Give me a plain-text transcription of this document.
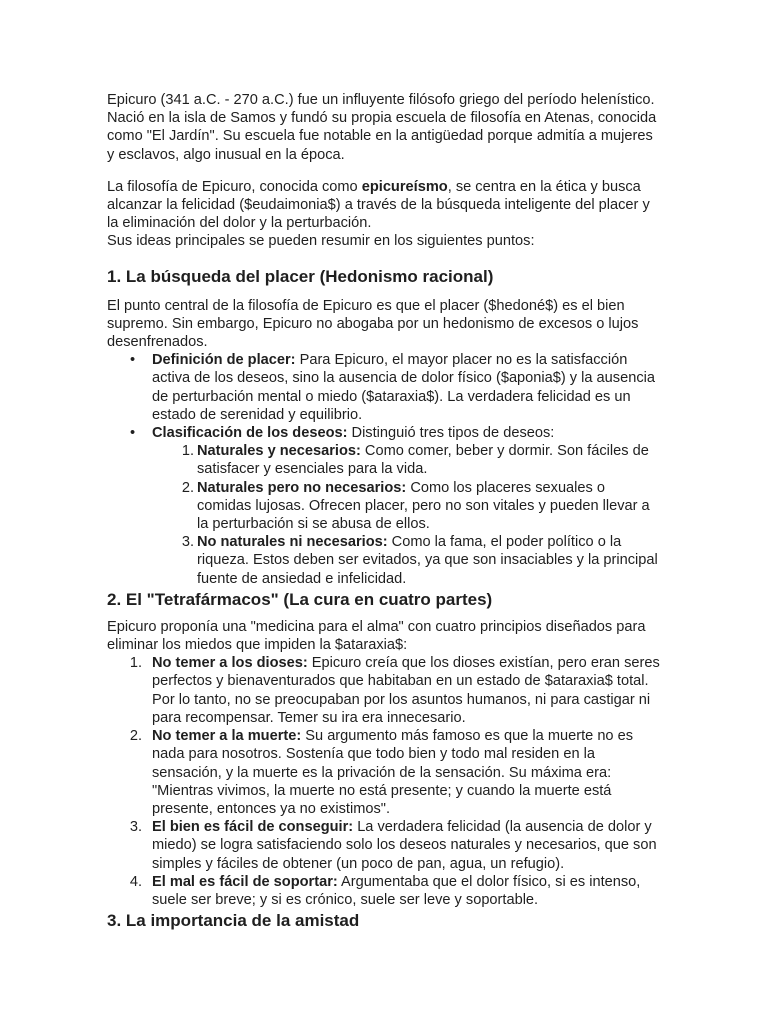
Epicuro (341 a.C. - 270 a.C.) fue un influyente filósofo griego del período helenístico. Nació en la isla de Samos y fundó su propia escuela de filosofía en Atenas, conocida como "El Jardín". Su escuela fue notable en la antigüedad porque admitía a mujeres y esclavos, algo inusual en la época.

La filosofía de Epicuro, conocida como epicureísmo, se centra en la ética y busca alcanzar la felicidad ($eudaimonia$) a través de la búsqueda inteligente del placer y la eliminación del dolor y la perturbación.

Sus ideas principales se pueden resumir en los siguientes puntos:

1. La búsqueda del placer (Hedonismo racional)

El punto central de la filosofía de Epicuro es que el placer ($hedoné$) es el bien supremo. Sin embargo, Epicuro no abogaba por un hedonismo de excesos o lujos desenfrenados.

• Definición de placer: Para Epicuro, el mayor placer no es la satisfacción activa de los deseos, sino la ausencia de dolor físico ($aponia$) y la ausencia de perturbación mental o miedo ($ataraxia$). La verdadera felicidad es un estado de serenidad y equilibrio.
• Clasificación de los deseos: Distinguió tres tipos de deseos:
1. Naturales y necesarios: Como comer, beber y dormir. Son fáciles de satisfacer y esenciales para la vida.
2. Naturales pero no necesarios: Como los placeres sexuales o comidas lujosas. Ofrecen placer, pero no son vitales y pueden llevar a la perturbación si se abusa de ellos.
3. No naturales ni necesarios: Como la fama, el poder político o la riqueza. Estos deben ser evitados, ya que son insaciables y la principal fuente de ansiedad e infelicidad.
2. El "Tetrafármacos" (La cura en cuatro partes)

Epicuro proponía una "medicina para el alma" con cuatro principios diseñados para eliminar los miedos que impiden la $ataraxia$:

1. No temer a los dioses: Epicuro creía que los dioses existían, pero eran seres perfectos y bienaventurados que habitaban en un estado de $ataraxia$ total. Por lo tanto, no se preocupaban por los asuntos humanos, ni para castigar ni para recompensar. Temer su ira era innecesario.
2. No temer a la muerte: Su argumento más famoso es que la muerte no es nada para nosotros. Sostenía que todo bien y todo mal residen en la sensación, y la muerte es la privación de la sensación. Su máxima era: "Mientras vivimos, la muerte no está presente; y cuando la muerte está presente, entonces ya no existimos".
3. El bien es fácil de conseguir: La verdadera felicidad (la ausencia de dolor y miedo) se logra satisfaciendo solo los deseos naturales y necesarios, que son simples y fáciles de obtener (un poco de pan, agua, un refugio).
4. El mal es fácil de soportar: Argumentaba que el dolor físico, si es intenso, suele ser breve; y si es crónico, suele ser leve y soportable.
3. La importancia de la amistad
